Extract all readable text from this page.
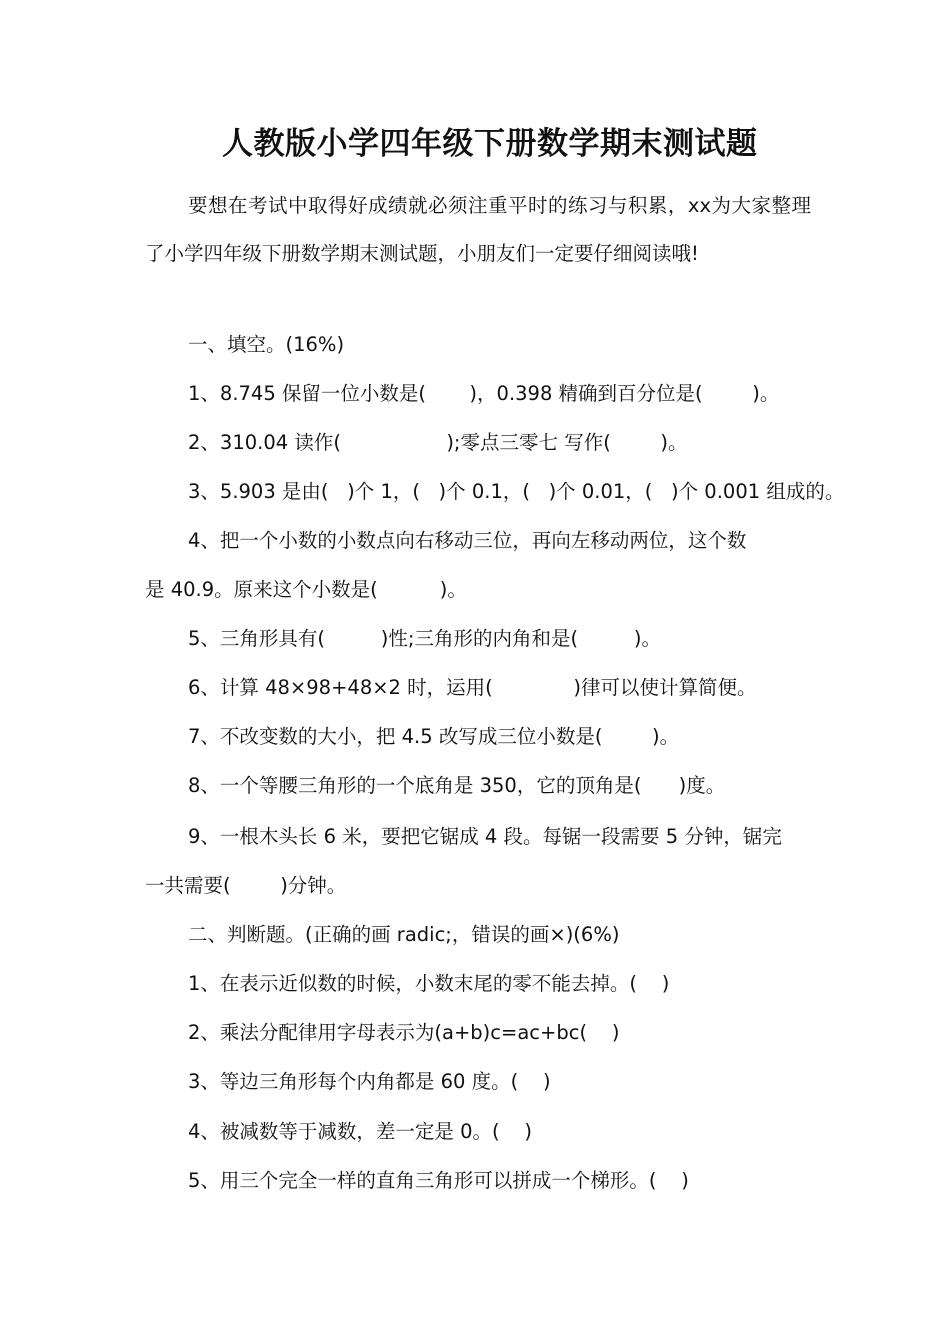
人教版小学四年级下册数学期末测试题

要想在考试中取得好成绩就必须注重平时的练习与积累，xx为大家整理了小学四年级下册数学期末测试题，小朋友们一定要仔细阅读哦!

一、填空。(16%)

1、8.745 保留一位小数是(       )，0.398 精确到百分位是(        )。

2、310.04 读作(                 );零点三零七 写作(        )。

3、5.903 是由(   )个 1，(   )个 0.1，(   )个 0.01，(   )个 0.001 组成的。

4、把一个小数的小数点向右移动三位，再向左移动两位，这个数

是 40.9。原来这个小数是(          )。

5、三角形具有(         )性;三角形的内角和是(         )。

6、计算 48×98+48×2 时，运用(             )律可以使计算简便。

7、不改变数的大小，把 4.5 改写成三位小数是(        )。

8、一个等腰三角形的一个底角是 350，它的顶角是(      )度。

9、一根木头长 6 米，要把它锯成 4 段。每锯一段需要 5 分钟，锯完

一共需要(        )分钟。

二、判断题。(正确的画 radic;，错误的画×)(6%)

1、在表示近似数的时候，小数末尾的零不能去掉。(    )

2、乘法分配律用字母表示为(a+b)c=ac+bc(    )

3、等边三角形每个内角都是 60 度。(    )

4、被减数等于减数，差一定是 0。(    )

5、用三个完全一样的直角三角形可以拼成一个梯形。(    )
